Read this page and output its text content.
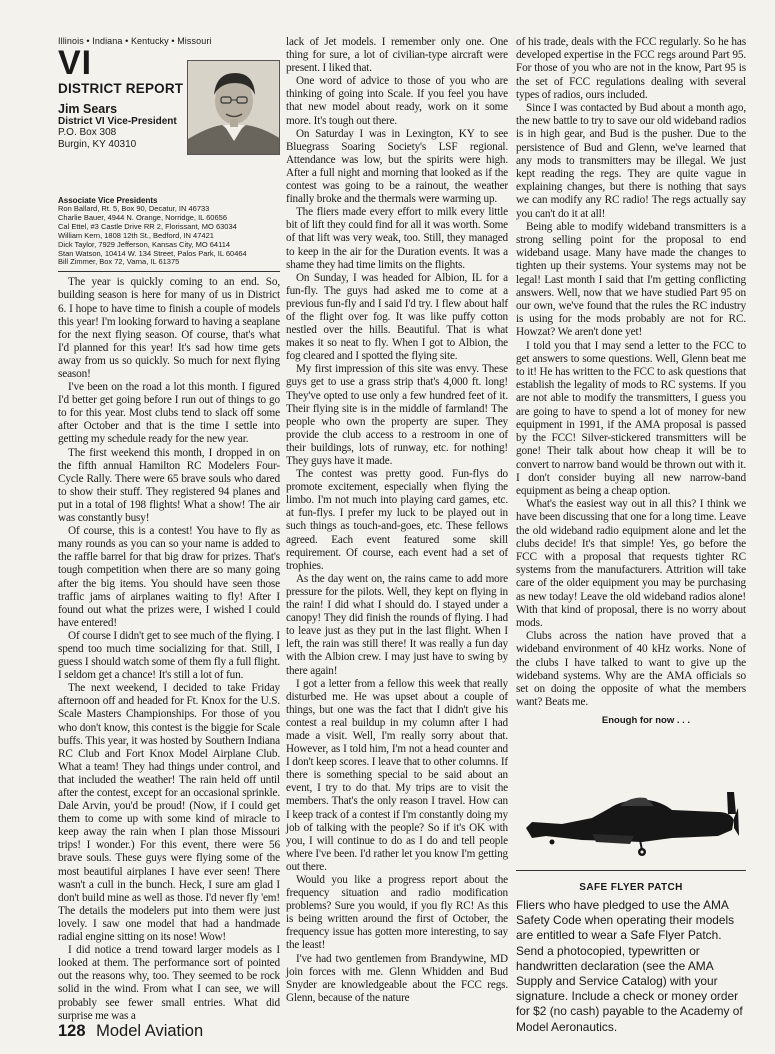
Illinois • Indiana • Kentucky • Missouri
VI
DISTRICT REPORT
Jim Sears
District VI Vice-President
P.O. Box 308
Burgin, KY 40310
Associate Vice Presidents
Ron Ballard, Rt. 5, Box 90, Decatur, IN 46733
Charlie Bauer, 4944 N. Orange, Norridge, IL 60656
Cal Ettel, #3 Castle Drive RR 2, Florissant, MO 63034
William Kern, 1808 12th St., Bedford, IN 47421
Dick Taylor, 7929 Jefferson, Kansas City, MO 64114
Stan Watson, 10414 W. 134 Street, Palos Park, IL 60464
Bill Zimmer, Box 72, Varna, IL 61375

The year is quickly coming to an end. So, building season is here for many of us in District 6. I hope to have time to finish a couple of models this year! I'm looking forward to having a seaplane for the next flying season. Of course, that's what I'd planned for this year! It's sad how time gets away from us so quickly. So much for next flying season!

I've been on the road a lot this month. I figured I'd better get going before I run out of things to go to for this year. Most clubs tend to slack off some after October and that is the time I settle into getting my schedule ready for the new year.

The first weekend this month, I dropped in on the fifth annual Hamilton RC Modelers Four-Cycle Rally. There were 65 brave souls who dared to show their stuff. They registered 94 planes and put in a total of 198 flights! What a show! The air was constantly busy!

Of course, this is a contest! You have to fly as many rounds as you can so your name is added to the raffle barrel for that big draw for prizes. That's tough competition when there are so many going after the big items. You should have seen those traffic jams of airplanes waiting to fly! After I found out what the prizes were, I wished I could have entered!

Of course I didn't get to see much of the flying. I spend too much time socializing for that. Still, I guess I should watch some of them fly a full flight. I seldom get a chance! It's still a lot of fun.

The next weekend, I decided to take Friday afternoon off and headed for Ft. Knox for the U.S. Scale Masters Championships. For those of you who don't know, this contest is the biggie for Scale buffs. This year, it was hosted by Southern Indiana RC Club and Fort Knox Model Airplane Club. What a team! They had things under control, and that included the weather! The rain held off until after the contest, except for an occasional sprinkle. Dale Arvin, you'd be proud! (Now, if I could get them to come up with some kind of miracle to keep away the rain when I plan those Missouri trips! I wonder.) For this event, there were 56 brave souls. These guys were flying some of the most beautiful airplanes I have ever seen! There wasn't a cull in the bunch. Heck, I sure am glad I don't build mine as well as those. I'd never fly 'em! The details the modelers put into them were just lovely. I saw one model that had a handmade radial engine sitting on its nose! Wow!

I did notice a trend toward larger models as I looked at them. The performance sort of pointed out the reasons why, too. They seemed to be rock solid in the wind. From what I can see, we will probably see fewer small entries. What did surprise me was a

lack of Jet models. I remember only one. One thing for sure, a lot of civilian-type aircraft were present. I liked that.

One word of advice to those of you who are thinking of going into Scale. If you feel you have that new model about ready, work on it some more. It's tough out there.

On Saturday I was in Lexington, KY to see Bluegrass Soaring Society's LSF regional. Attendance was low, but the spirits were high. After a full night and morning that looked as if the contest was going to be a rainout, the weather finally broke and the thermals were warming up.

The fliers made every effort to milk every little bit of lift they could find for all it was worth. Some of that lift was very weak, too. Still, they managed to keep in the air for the Duration events. It was a shame they had time limits on the flights.

On Sunday, I was headed for Albion, IL for a fun-fly. The guys had asked me to come at a previous fun-fly and I said I'd try. I flew about half of the flight over fog. It was like puffy cotton nestled over the hills. Beautiful. That is what makes it so neat to fly. When I got to Albion, the fog cleared and I spotted the flying site.

My first impression of this site was envy. These guys get to use a grass strip that's 4,000 ft. long! They've opted to use only a few hundred feet of it. Their flying site is in the middle of farmland! The people who own the property are super. They provide the club access to a restroom in one of their buildings, lots of runway, etc. for nothing! They guys have it made.

The contest was pretty good. Fun-flys do promote excitement, especially when flying the limbo. I'm not much into playing card games, etc. at fun-flys. I prefer my luck to be played out in such things as touch-and-goes, etc. These fellows agreed. Each event featured some skill requirement. Of course, each event had a set of trophies.

As the day went on, the rains came to add more pressure for the pilots. Well, they kept on flying in the rain! I did what I should do. I stayed under a canopy! They did finish the rounds of flying. I had to leave just as they put in the last flight. When I left, the rain was still there! It was really a fun day with the Albion crew. I may just have to swing by there again!

I got a letter from a fellow this week that really disturbed me. He was upset about a couple of things, but one was the fact that I didn't give his contest a real buildup in my column after I had made a visit. Well, I'm really sorry about that. However, as I told him, I'm not a head counter and I don't keep scores. I leave that to other columns. If there is something special to be said about an event, I try to do that. My trips are to visit the members. That's the only reason I travel. How can I keep track of a contest if I'm constantly doing my job of talking with the people? So if it's OK with you, I will continue to do as I do and tell people where I've been. I'd rather let you know I'm getting out there.

Would you like a progress report about the frequency situation and radio modification problems? Sure you would, if you fly RC! As this is being written around the first of October, the frequency issue has gotten more interesting, to say the least!

I've had two gentlemen from Brandywine, MD join forces with me. Glenn Whidden and Bud Snyder are knowledgeable about the FCC regs. Glenn, because of the nature

of his trade, deals with the FCC regularly. So he has developed expertise in the FCC regs around Part 95. For those of you who are not in the know, Part 95 is the set of FCC regulations dealing with several types of radios, ours included.

Since I was contacted by Bud about a month ago, the new battle to try to save our old wideband radios is in high gear, and Bud is the pusher. Due to the persistence of Bud and Glenn, we've learned that any mods to transmitters may be illegal. We just kept reading the regs. They are quite vague in explaining changes, but there is nothing that says we can modify any RC radio! The regs actually say you can't do it at all!

Being able to modify wideband transmitters is a strong selling point for the proposal to end wideband usage. Many have made the changes to tighten up their systems. Your systems may not be legal! Last month I said that I'm getting conflicting answers. Well, now that we have studied Part 95 on our own, we've found that the rules the RC industry is using for the mods probably are not for RC. Howzat? We aren't done yet!

I told you that I may send a letter to the FCC to get answers to some questions. Well, Glenn beat me to it! He has written to the FCC to ask questions that establish the legality of mods to RC systems. If you are not able to modify the transmitters, I guess you are going to have to spend a lot of money for new equipment in 1991, if the AMA proposal is passed by the FCC! Silver-stickered transmitters will be gone! Their talk about how cheap it will be to convert to narrow band would be thrown out with it. I don't consider buying all new narrow-band equipment as being a cheap option.

What's the easiest way out in all this? I think we have been discussing that one for a long time. Leave the old wideband radio equipment alone and let the clubs decide! It's that simple! Yes, go before the FCC with a proposal that requests tighter RC systems from the manufacturers. Attrition will take care of the older equipment you may be purchasing as new today! Leave the old wideband radios alone! With that kind of proposal, there is no worry about mods.

Clubs across the nation have proved that a wideband environment of 40 kHz works. None of the clubs I have talked to want to give up the wideband systems. Why are the AMA officials so set on doing the opposite of what the members want? Beats me.

Enough for now . . .
SAFE FLYER PATCH
Fliers who have pledged to use the AMA Safety Code when operating their models are entitled to wear a Safe Flyer Patch. Send a photocopied, typewritten or handwritten declaration (see the AMA Supply and Service Catalog) with your signature. Include a check or money order for $2 (no cash) payable to the Academy of Model Aeronautics.
128 Model Aviation
